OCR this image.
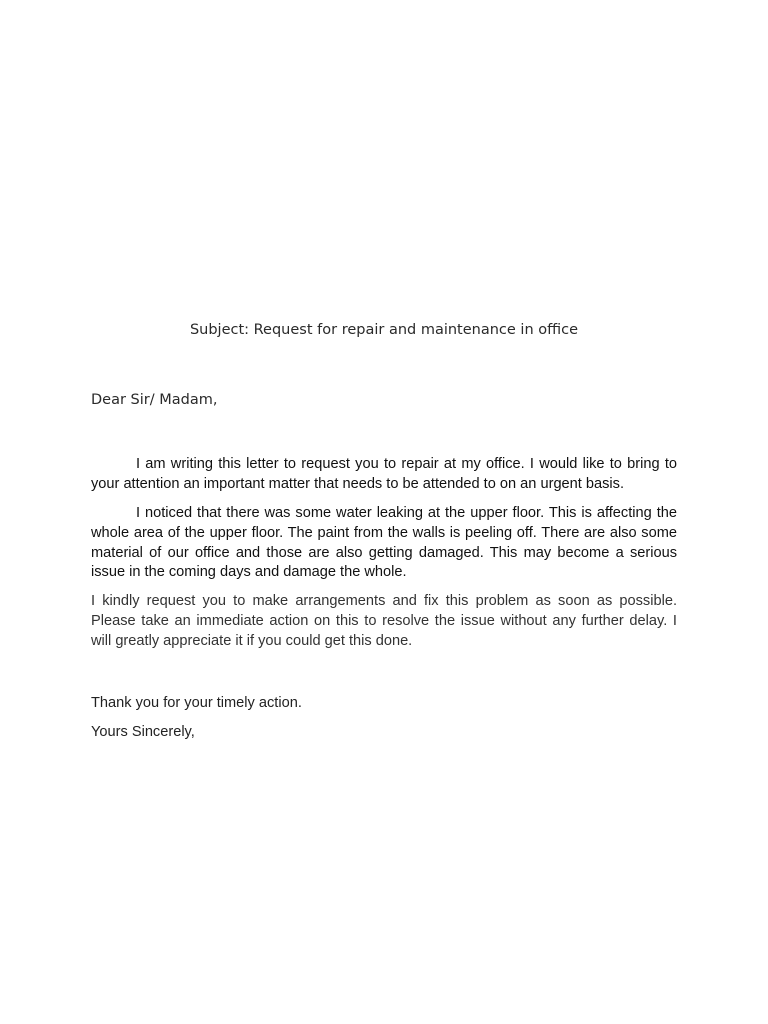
Subject: Request for repair and maintenance in office
Dear Sir/ Madam,

I am writing this letter to request you to repair at my office. I would like to bring to your attention an important matter that needs to be attended to on an urgent basis.

I noticed that there was some water leaking at the upper floor. This is affecting the whole area of the upper floor. The paint from the walls is peeling off. There are also some material of our office and those are also getting damaged. This may become a serious issue in the coming days and damage the whole.

I kindly request you to make arrangements and fix this problem as soon as possible. Please take an immediate action on this to resolve the issue without any further delay. I will greatly appreciate it if you could get this done.

Thank you for your timely action.
Yours Sincerely,
